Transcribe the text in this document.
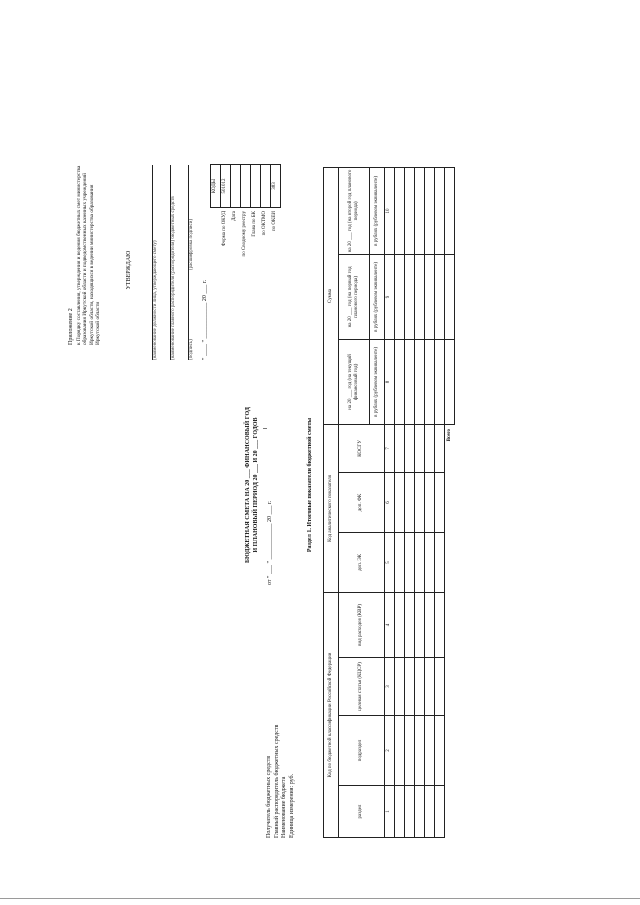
Приложение 2 к Порядку составления, утверждения и ведения бюджетных смет министерства образования Иркутской области и подведомственных казенных учреждений Иркутской области, находящихся в ведении министерства образования Иркутской области
УТВЕРЖДАЮ	(наименование должности лица, утверждающего смету)	(наименование главного распорядителя (распорядителя) бюджетных средств	(подпись)
(расшифровка подписи)
" ____ " ____________ 20 ___ г.
	КОДЫ
Форма по ОКУД	501012
Дата	
по Сводному реестру	
Глава по БК	
по ОКТМО	
по ОКЕИ	383
БЮДЖЕТНАЯ СМЕТА НА 20 ___ ФИНАНСОВЫЙ ГОД И ПЛАНОВЫЙ ПЕРИОД 20 ___ И 20 ___ ГОДОВ от " ___ " ____________ 20 ___ г.
Получатель бюджетных средств Главный распорядитель бюджетных средств Наименование бюджета Единица измерения: руб.
Раздел 1. Итоговые показатели бюджетной сметы
Код по бюджетной классификации Российской Федерации				Код аналитического показателя			Сумма		
раздел	подраздел	целевая статья (КЦСР)	вид расходов (КВР)	доп. ЭК	доп. ФК	КОСГУ	на 20 ___ год (на текущий финансовый год)	на 20 ___ год (на первый год планового периода)	на 20 ___ год (на второй год планового периода)
							в рублях (рублевом эквиваленте)	в рублях (рублевом эквиваленте)	в рублях (рублевом эквиваленте)
1	2	3	4	5	6	7	8	9	10

Всего									
